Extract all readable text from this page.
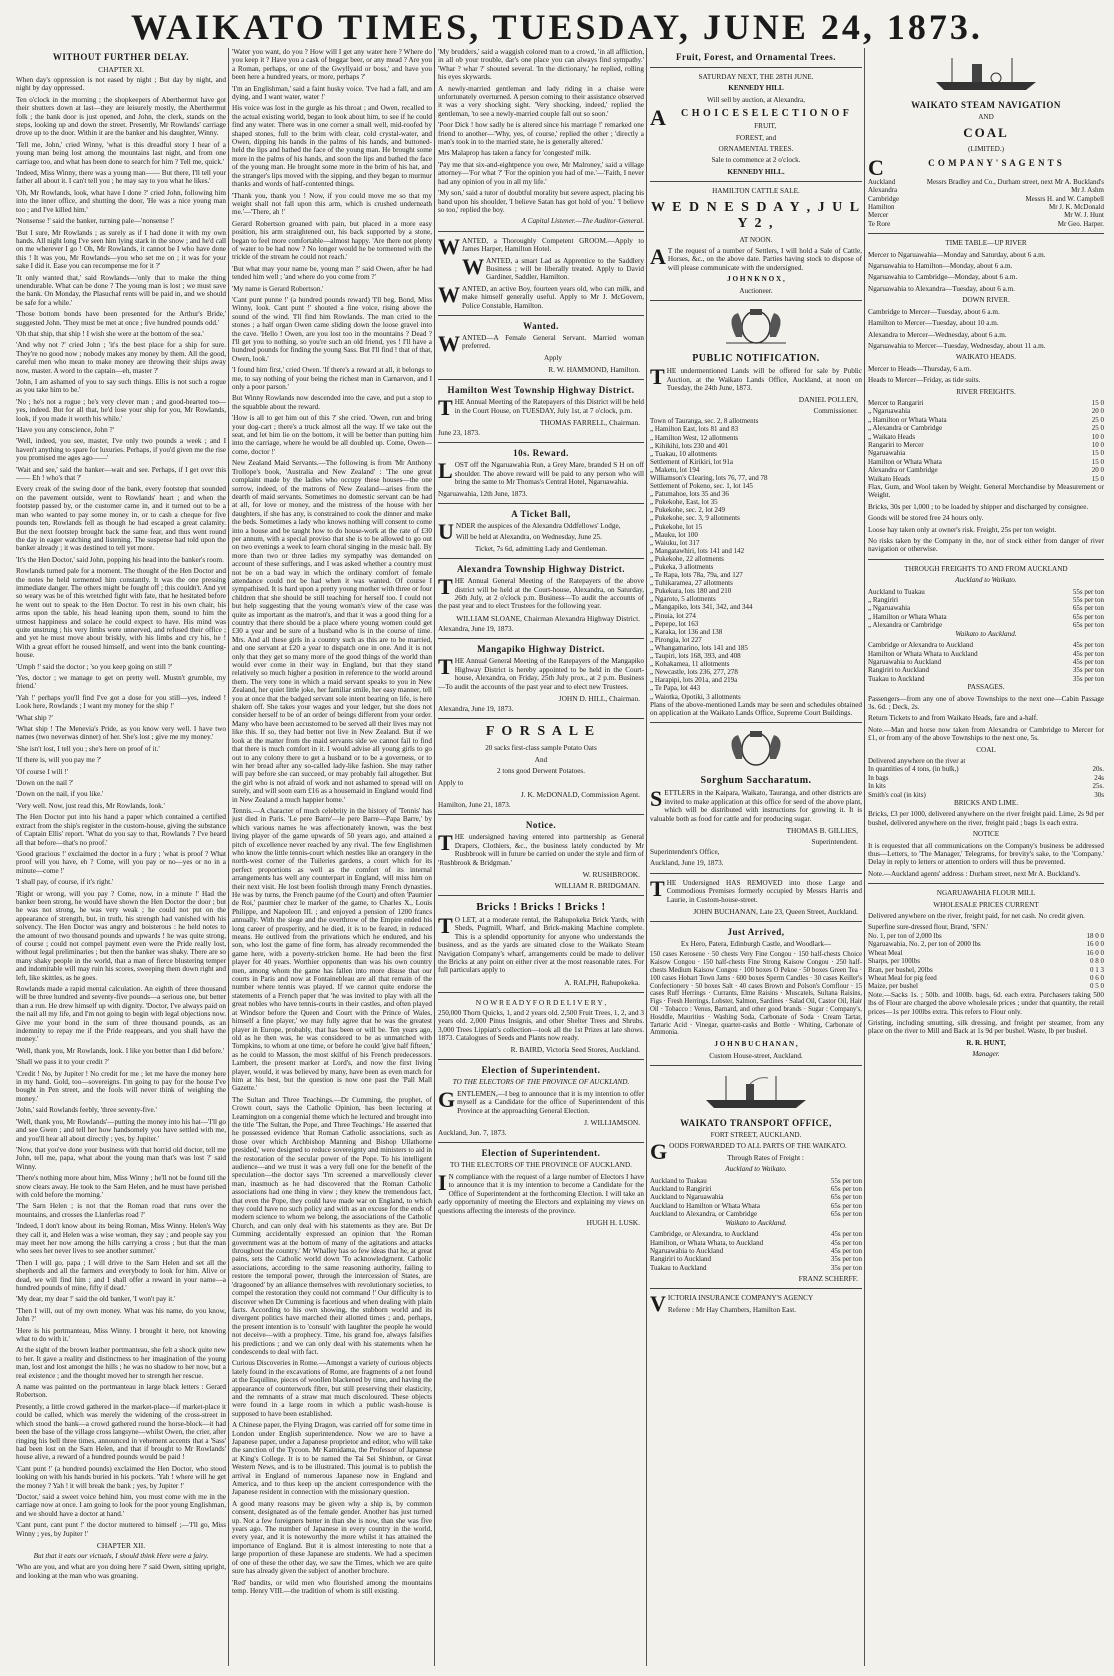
WAIKATO TIMES, TUESDAY, JUNE 24, 1873.
WITHOUT FURTHER DELAY.
CHAPTER XI.

When day's oppression is not eased by night ; But day by night, and night by day oppressed.

Ten o'clock in the morning ; the shopkeepers of Aberthermut have got their shutters down at last—they are leisurely mostly, the Aberthermut folk ; the bank door is just opened, and John, the clerk, stands on the steps, looking up and down the street. Presently, Mr Rowlands' carriage drove up to the door. Within it are the banker and his daughter, Winny.

'Tell me, John,' cried Winny, 'what is this dreadful story I hear of a young man being lost among the mountains last night, and from one carriage too, and what has been done to search for him ? Tell me, quick.'

'Indeed, Miss Winny, there was a young man—— But there, I'll tell your father all about it. I can't tell you ; he may say to you what he likes.'

'Oh, Mr Rowlands, look, what have I done ?' cried John, following him into the inner office, and shutting the door, 'He was a nice young man too ; and I've killed him.'

'Nonsense !' said the banker, turning pale—'nonsense !'

'But I sure, Mr Rowlands ; as surely as if I had done it with my own hands. All night long I've seen him lying stark in the snow ; and he'd call on me wherever I go ! Oh, Mr Rowlands, it cannot be I who have done this ! It was you, Mr Rowlands—you who set me on ; it was for your sake I did it. Ease you can recompense me for it ?'

'It only wanted that,' said Rowlands—'only that to make the thing unendurable. What can be done ? The young man is lost ; we must save the bank. On Monday, the Plasuchaf rents will be paid in, and we should be safe for a while.'

'Those bottom bonds have been presented for the Arthur's Bride,' suggested John. 'They must be met at once ; five hundred pounds odd.'

'Oh that ship, that ship ! I wish she were at the bottom of the sea.'

'And why not ?' cried John ; 'it's the best place for a ship for sure. They're no good now ; nobody makes any money by them. All the good, careful men who mean to make money are throwing their ships away now, master. A word to the captain—eh, master ?'

'John, I am ashamed of you to say such things. Ellis is not such a rogue as you take him to be.'

'No ; he's not a rogue ; he's very clever man ; and good-hearted too—yes, indeed. But for all that, he'd lose your ship for you, Mr Rowlands, look, if you made it worth his while.'

'Have you any conscience, John ?'

'Well, indeed, you see, master, I've only two pounds a week ; and I haven't anything to spare for luxuries. Perhaps, if you'd given me the rise you promised me ages ago——'

'Wait and see,' said the banker—wait and see. Perhaps, if I get over this—— Eh ! who's that ?'

Every creak of the swing door of the bank, every footstep that sounded on the pavement outside, went to Rowlands' heart ; and when the footstep passed by, or the customer came in, and it turned out to be a man who wanted to pay some money in, or to cash a cheque for five pounds ten, Rowlands fell as though he had escaped a great calamity. But the next footstep brought back the same fear, and thus went round the day in eager watching and listening. The suspense had told upon the banker already ; it was destined to tell yet more.

'It's the Hen Doctor,' said John, popping his head into the banker's room.

Rowlands turned pale for a moment. The thought of the Hen Doctor and the notes he held tormented him constantly. It was the one pressing immediate danger. The others might be fought off ; this couldn't. And yet so weary was he of this wretched fight with fate, that he hesitated before he went out to speak to the Hen Doctor. To rest in his own chair, his arms upon the table, his head leaning upon them, sound to him the utmost happiness and solace he could expect to have. His mind was quite unstrung ; his very limbs were unnerved, and refused their office ; and yet he must move about briskly, with his limbs and cry his, he ! With a great effort he roused himself, and went into the bank counting-house.

'Umph !' said the doctor ; 'so you keep going on still ?'

'Yes, doctor ; we manage to get on pretty well. Mustn't grumble, my friend.'

'Yah !' perhaps you'll find I've got a dose for you still—yes, indeed ! Look here, Rowlands ; I want my money for the ship !'

'What ship ?'

'What ship ! The Menevia's Pride, as you know very well. I have two names (two neverwas dinner) of her. She's lost ; give me my money.'

'She isn't lost, I tell you ; she's here on proof of it.'

'If there is, will you pay me ?'

'Of course I will !'

'Down on the nail ?'

'Down on the nail, if you like.'

'Very well. Now, just read this, Mr Rowlands, look.'

The Hen Doctor put into his hand a paper which contained a certified extract from the ship's register in the custom-house, giving the substance of Captain Ellis' report. 'What do you say to that, Rowlands ? I've heard all that before—that's no proof.'

'Good gracious !' exclaimed the doctor in a fury ; 'what is proof ? What proof will you have, eh ? Come, will you pay or no—yes or no in a minute—come !'

'I shall pay, of course, if it's right.'

'Right or wrong, will you pay ? Come, now, in a minute !' Had the banker been strong, he would have shown the Hen Doctor the door ; but he was not strong, he was very weak ; he could not put on the appearance of strength, but, in truth, his strength had vanished with his solvency. The Hen Doctor was angry and boisterous : he held notes to the amount of two thousand pounds and upwards ! he was quite strong, of course ; could not compel payment even were the Pride really lost, without legal preliminaries ; but then the banker was shaky. There are so many shaky people in the world, that a man of fierce blustering temper and indomitable will may ruin his scores, sweeping them down right and left, like skittles, as he goes.

Rowlands made a rapid mental calculation. An eighth of three thousand will be three hundred and seventy-five pounds—a serious one, but better than a run. He drew himself up with dignity. 'Doctor, I've always paid on the nail all my life, and I'm not going to begin with legal objections now. Give me your bond in the sum of three thousand pounds, as an indemnity to repay me if the Pride reappears, and you shall have the money.'

'Well, thank you, Mr Rowlands, look. I like you better than I did before.'

'Shall we pass it to your credit ?'

'Credit ! No, by Jupiter ! No credit for me ; let me have the money here in my hand. Gold, too—sovereigns. I'm going to pay for the house I've bought in Pen street, and the fools will never think of weighing the money.'

'John,' said Rowlands feebly, 'three seventy-five.'

'Well, thank you, Mr Rowlands'—putting the money into his hat—'I'll go and see Gwen ; and tell her how handsomely you have settled with me, and you'll hear all about directly ; yes, by Jupiter.'

'Now, that you've done your business with that horrid old doctor, tell me John, tell me, papa, what about the young man that's was lost ?' said Winny.

'There's nothing more about him, Miss Winny ; he'll not be found till the snow clears away. He took to the Sarn Helen, and he must have perished with cold before the morning.'

'The Sarn Helen ; is not that the Roman road that runs over the mountains, and crosses the Llanferlas road ?'

'Indeed, I don't know about its being Roman, Miss Winny. Helen's Way they call it, and Helen was a wise woman, they say ; and people say you may meet her now among the hills carrying a cross ; but that the man who sees her never lives to see another summer.'

'Then I will go, papa ; I will drive to the Sarn Helen and set all the shepherds and all the farmers and everybody to look for him. Alive or dead, we will find him ; and I shall offer a reward in your name—a hundred pounds of mine, fifty if dead.'

'My dear, my dear !' said the old banker, 'I won't pay it.'

'Then I will, out of my own money. What was his name, do you know, John ?'

'Here is his portmanteau, Miss Winny. I brought it here, not knowing what to do with it.'

At the sight of the brown leather portmanteau, she felt a shock quite new to her. It gave a reality and distinctness to her imagination of the young man, lost and lost amongst the hills ; he was no shadow to her now, but a real existence ; and the thought moved her to strength her rescue.

A name was painted on the portmanteau in large black letters : Gerard Robertson.

Presently, a little crowd gathered in the market-place—if market-place it could be called, which was merely the widening of the cross-street in which stood the bank—a crowd gathered round the horse-block—it had been the base of the village cross langsyne—whilst Owen, the crier, after ringing his bell three times, announced in vehement accents that a 'Sass' had been lost on the Sarn Helen, and that if brought to Mr Rowlands' house alive, a reward of a hundred pounds would be paid !

'Cant punt !' (a hundred pounds) exclaimed the Hen Doctor, who stood looking on with his hands buried in his pockets. 'Yah ! where will he get the money ? Yah ! it will break the bank ; yes, by Jupiter !'

'Doctor,' said a sweet voice behind him, you must come with me in the carriage now at once. I am going to look for the poor young Englishman, and we should have a doctor at hand.'

'Cant punt, cant punt !' the doctor muttered to himself ;—'I'll go, Miss Winny ; yes, by Jupiter !'

CHAPTER XII.

But that it eats our victuals, I should think Here were a fairy.

'Who are you, and what are you doing here ?' said Owen, sitting upright, and looking at the man who was groaning.

'Water you want, do you ? How will I get any water here ? Where do you keep it ? Have you a cask of beggar beer, or any mead ? Are you a Roman, perhaps, or one of the Gwyllyaid or boss,' and have you been here a hundred years, or more, perhaps ?'

'I'm an Englishman,' said a faint husky voice. 'I've had a fall, and am dying, and I want water, water !'

His voice was lost in the gurgle as his throat ; and Owen, recalled to the actual existing world, began to look about him, to see if he could find any water. There was in one corner a small well, mid-roofed by shaped stones, full to the brim with clear, cold crystal-water, and Owen, dipping his hands in the palms of his hands, and buttoned-held the lips and bathed the face of the young man. He brought some more in the palms of his hands, and soon the lips and bathed the face of the young man. He brought some more in the brim of his hat, and the stranger's lips moved with the sipping, and they began to murmur thanks and words of half-contented things.

'Thank you, thank you ! Now, if you could move me so that my weight shall not fall upon this arm, which is crushed underneath me.'—'There, ah !'

Gerard Robertson groaned with pain, but placed in a more easy position, his arm straightened out, his back supported by a stone, began to feel more comfortable—almost happy. 'Are there not plenty of water to be had now ? No longer would he be tormented with the trickle of the stream he could not reach.'

'But what may your name be, young man ?' said Owen, after he had tended him well ; 'and where do you come from ?'

'My name is Gerard Robertson.'

'Cant punt punne !' (a hundred pounds reward) 'I'll beg, Bond, Miss Winny, look. Cant punt !' shouted a fine voice, rising above the sound of the wind. 'I'll find him Rowlands. The man cried to the stones ; a half organ Owen came sliding down the loose gravel into the cave. 'Hello ! Owen, are you lost too in the mountains ? Dead ? I'll get you to nothing, so you're such an old friend, yes ! I'll have a hundred pounds for finding the young Sass. But I'll find ! that of that, Owen, look.'

'I found him first,' cried Owen. 'If there's a reward at all, it belongs to me, to say nothing of your being the richest man in Carnarvon, and I only a poor parson.'

But Winny Rowlands now descended into the cave, and put a stop to the squabble about the reward.

'How is all to get him out of this ?' she cried. 'Owen, run and bring your dog-cart ; there's a truck almost all the way. If we take out the seat, and let him lie on the bottom, it will be better than putting him into the carriage, where he would be all doubled up. Come, Owen—come, doctor !'

New Zealand Maid Servants.—The following is from 'Mr Anthony Trollope's book, 'Australia and New Zealand' : 'The one great complaint made by the ladies who occupy these houses—the one sorrow, indeed, of the matrons of New Zealand—arises from the dearth of maid servants. Sometimes no domestic servant can be had at all, for love or money, and the mistress of the house with her daughters, if she has any, is constrained to cook the dinner and make the beds. Sometimes a lady who knows nothing will consent to come into a house and be taught how to do house-work at the rate of £30 per annum, with a special proviso that she is to be allowed to go out on two evenings a week to learn choral singing in the music hall. By more than two or three ladies my sympathy was demanded on account of these sufferings, and I was asked whether a country must not be on a bad way in which the ordinary comfort of female attendance could not be had when it was wanted. Of course I sympathised. It is hard upon a pretty young mother with three or four children that she should be still teaching for herself too. I could not but help suggesting that the young woman's view of the case was quite as important as the matron's, and that it was a good thing for a country that there should be a place where young women could get £30 a year and be sure of a husband who is in the course of time. Mrs. And all these girls in a country such as this are to be married, and one servant at £20 a year to dispatch one in one. And it is not only that they get so many more of the good things of the world than would ever come in their way in England, but that they stand relatively so much higher a position in reference to the world around them. The very tone in which a maid servant speaks to you in New Zealand, her quiet little joke, her familiar smile, her easy manner, tell you at once that the badged servant sole intent bearing on life, is here shaken off. She takes your wages and your ledger, but she does not consider herself to be of an order of beings different from your order. Many who have been accustomed to be served all their lives may not like this. If so, they had better not live in New Zealand. But if we look at the matter from the maid servants side we cannot fail to find that there is much comfort in it. I would advise all young girls to go out to any colony there to get a husband or to be a governess, or to win her bread after any so-called lady-like fashion. She may rather will pay before she can succeed, or may probably fail altogether. But the girl who is not afraid of work and not ashamed to spread will on surely, and will soon earn £16 as a housemaid in England would find in New Zealand a much happier home.'

Tennis.—A character of much celebrity in the history of 'Tennis' has just died in Paris. 'Le pere Barre'—le pere Barre—Papa Barre,' by which various names he was affectionately known, was the best living player of the game upwards of 50 years ago, and attained a pitch of excellence never reached by any rival. The few Englishmen who know the little tennis-court which nestles like an orangery in the north-west corner of the Tuileries gardens, a court which for its perfect proportions as well as the comfort of its internal arrangements has well any counterpart in England, will miss him on their next visit. He lost been foolish through many French dynasties. He was by turns, the French paume (of the Court) and often 'Paumier de Roi,' paumier chez le marker of the game, to Charles X., Louis Philippe, and Napoleon III. ; and enjoyed a pension of 1200 francs annually. With the siege and the overthrow of the Empire ended his long career of prosperity, and he died, it is to be feared, in reduced means. He outlived from the privations which he endured, and his son, who lost the game of fine form, has already recommended the game here, with a poverty-stricken home. He had been the first player for 40 years. Worthier opponents than was his own country men, among whom the game has fallen into more disuse that our courts in Paris and now at Fontainebleau are all that remain of the number where tennis was played. If we cannot quite endorse the statements of a French paper that 'he was invited to play with all the great nobles who have tennis-courts in their castles, and often played at Windsor before the Queen and Court with the Prince of Wales, himself a fine player,' we may fully agree that he was the greatest player in Europe, probably, that has been or will be. Ten years ago, old as he then was, he was considered to be as unmatched with Tompkins, to whom at one time, or before he could 'give half fifteen,' as he could to Masson, the most skilful of his French predecessors. Lambert, the present marker at Lord's, and now the first living player, would, it was believed by many, have been as even match for him at his best, but the question is now one past the 'Pall Mall Gazette.'

The Sultan and Three Teachings.—Dr Cumming, the prophet, of Crown court, says the Catholic Opinion, has been lecturing at Leamington on a congenial theme which he lectured and brought into the title 'The Sultan, the Pope, and Three Teachings.' He asserted that he possessed evidence 'that Roman Catholic associations, such as those over which Archbishop Manning and Bishop Ullathorne presided,' were designed to reduce sovereignty and ministers to aid in the restoration of the secular power of the Pope. To his intelligent audience—and we trust it was a very full one for the benefit of the speculation—the doctor says 'I'm screened a marvellously clever man, inasmuch as he had discovered that the Roman Catholic associations had one thing in view ; they knew the tremendous fact, that even the Pope, they could have made war on England, to which they could have no such policy and with as an excuse for the ends of modern science to whom we belong, the associations of the Catholic Church, and can only deal with his statements as they are. But Dr Cumming accidentally expressed an opinion that 'the Roman government was at the bottom of many of the agitations and attacks throughout the country.' Mr Whalley has so few ideas that he, at great pains, sets the Catholic world down 'To acknowledgment. Catholic associations, according to the same reasoning authority, failing to restore the temporal power, through the intercession of States, are 'dragooned' by an alliance themselves with revolutionary societies, to compel the restoration they could not command !' Our difficulty is to discover when Dr Cumming is facetious and when dealing with plain facts. According to his own showing, the stubborn world and its divergent politics have marched their allotted times ; and, perhaps, the present intention is to 'consult' with laughter the people he would not deceive—with a prophecy. Time, his grand foe, always falsifies his predictions ; and we can only deal with his statements when he condescends to deal with fact.

Curious Discoveries in Rome.—Amongst a variety of curious objects lately found in the excavations of Rome, are fragments of a net found at the Esquiline, pieces of woollen blackened by time, and having the appearance of counterwork fibre, but still preserving their elasticity, and the remnants of a straw mat much discoloured. These objects were found in a large room in which a public wash-house is supposed to have been established.

A Chinese paper, the Flying Dragon, was carried off for some time in London under English superintendence. Now we are to have a Japanese paper, under a Japanese proprietor and editor, who will take the sanction of the Tycoon. Mr Kamidama, the Professor of Japanese at King's College. It is to be named the Tai Sei Shinbun, or Great Western News, and is to be illustrated. This journal is to publish the arrival in England of numerous Japanese now in England and America, and to thus keep up the ancient correspondence with the Japanese resident in connection with the missionary question.

A good many reasons may be given why a ship is, by common consent, designated as of the female gender. Another has just turned up. Not a few foreigners better in than she is now, than she was five years ago. The number of Japanese in every country in the world, every year, and it is noteworthy the more whilst it has attained the importance of England. But it is almost interesting to note that a large proportion of these Japanese are students. We had a specimen of one of these the other day, we saw the Times, which we are quite sure has already given the subject of another brochure.

'Red' bandits, or wild men who flourished among the mountains temp. Henry VIII.—the tradition of whom is still existing.

'My brudders,' said a waggish colored man to a crowd, 'in all affliction, in all ob your trouble, dar's one place you can always find sympathy.' 'Whar ? whar ?' shouted several. 'In the dictionary,' he replied, rolling his eyes skywards.

A newly-married gentleman and lady riding in a chaise were unfortunately overturned. A person coming to their assistance observed it was a very shocking sight. 'Very shocking, indeed,' replied the gentleman, 'to see a newly-married couple fall out so soon.'

'Poor Dick ! how sadly he is altered since his marriage !' remarked one friend to another—'Why, yes, of course,' replied the other ; 'directly a man's took in to the married state, he is generally altered.'

Mrs Malaprop has taken a fancy for 'congested' milk.

'Pay me that six-and-eightpence you owe, Mr Malroney,' said a village attorney—'For what ?' 'For the opinion you had of me.'—'Faith, I never had any opinion of you in all my life.'

'My son,' said a tutor of doubtful morality but severe aspect, placing his hand upon his shoulder, 'I believe Satan has got hold of you.' 'I believe so too,' replied the boy.

A Capital Listener.—The Auditor-General.

WANTED, a Thoroughly Competent GROOM.—Apply to James Harper, Hamilton Hotel.

WANTED, a smart Lad as Apprentice to the Saddlery Business ; will be liberally treated. Apply to David Gardiner, Saddler, Hamilton.

WANTED, an active Boy, fourteen years old, who can milk, and make himself generally useful. Apply to Mr J. McGovern, Police Constable, Hamilton.

Wanted.

WANTED—A Female General Servant. Married woman preferred.

Apply

R. W. HAMMOND, Hamilton.
Hamilton West Township Highway District.

THE Annual Meeting of the Ratepayers of this District will be held in the Court House, on TUESDAY, July 1st, at 7 o'clock, p.m.

THOMAS FARRELL, Chairman.

June 23, 1873.

10s. Reward.

LOST off the Ngaruawahia Run, a Grey Mare, branded S H on off shoulder. The above reward will be paid to any person who will bring the same to Mr Thomas's Central Hotel, Ngaruawahia.

Ngaruawahia, 12th June, 1873.

A Ticket Ball,

UNDER the auspices of the Alexandra Oddfellows' Lodge,

Will be held at Alexandra, on Wednesday, June 25.

Ticket, 7s 6d, admitting Lady and Gentleman.

Alexandra Township Highway District.

THE Annual General Meeting of the Ratepayers of the above district will be held at the Court-house, Alexandra, on Saturday, 26th July, at 2 o'clock p.m. Business—To audit the accounts of the past year and to elect Trustees for the following year.

WILLIAM SLOANE, Chairman Alexandra Highway District.

Alexandra, June 19, 1873.

Mangapiko Highway District.

THE Annual General Meeting of the Ratepayers of the Mangapiko Highway District is hereby appointed to be held in the Court-house, Alexandra, on Friday, 25th July prox., at 2 p.m. Business—To audit the accounts of the past year and to elect new Trustees.

JOHN D. HILL, Chairman.

Alexandra, June 19, 1873.

F O R S A L E

20 sacks first-class sample Potato Oats

And

2 tons good Derwent Potatoes.

Apply to

J. K. McDONALD, Commission Agent.

Hamilton, June 21, 1873.

Notice.

THE undersigned having entered into partnership as General Drapers, Clothiers, &c., the business lately conducted by Mr Rushbrook will in future be carried on under the style and firm of 'Rushbrook & Bridgman.'

W. RUSHBROOK.
WILLIAM R. BRIDGMAN.
Bricks ! Bricks ! Bricks !

T O LET, at a moderate rental, the Rahupokeka Brick Yards, with Sheds, Pugmill, Wharf, and Brick-making Machine complete. This is a splendid opportunity for anyone who understands the business, and as the yards are situated close to the Waikato Steam Navigation Company's wharf, arrangements could be made to deliver the Bricks at any point on either river at the most reasonable rates. For full particulars apply to

A. RALPH, Rahupokeka.
N O W R E A D Y F O R D E L I V E R Y ,

250,000 Thorn Quicks, 1, and 2 years old. 2,500 Fruit Trees, 1, 2, and 3 years old. 2,000 Pinus Insignis, and other Shelter Trees and Shrubs. 3,000 Trees Lippiatt's collection—took all the 1st Prizes at late shows. 1873. Catalogues of Seeds and Plants now ready.

R. BAIRD, Victoria Seed Stores, Auckland.
Election of Superintendent.

TO THE ELECTORS OF THE PROVINCE OF AUCKLAND.

GENTLEMEN,—I beg to announce that it is my intention to offer myself as a Candidate for the office of Superintendent of this Province at the approaching General Election.

J. WILLIAMSON.

Auckland, Jun. 7, 1873.

Election of Superintendent.

TO THE ELECTORS OF THE PROVINCE OF AUCKLAND.

I N compliance with the request of a large number of Electors I have to announce that it is my intention to become a Candidate for the Office of Superintendent at the forthcoming Election. I will take an early opportunity of meeting the Electors and explaining my views on questions affecting the interests of the province.

HUGH H. LUSK.
Fruit, Forest, and Ornamental Trees.

SATURDAY NEXT, THE 28TH JUNE.

KENNEDY HILL

Will sell by auction, at Alexandra,

A C H O I C E S E L E C T I O N O F

FRUIT,

FOREST, and

ORNAMENTAL TREES.

Sale to commence at 2 o'clock.

KENNEDY HILL.

HAMILTON CATTLE SALE.

W E D N E S D A Y , J U L Y 2 ,

AT NOON.

A T the request of a number of Settlers, I will hold a Sale of Cattle, Horses, &c., on the above date. Parties having stock to dispose of will please communicate with the undersigned.

J O H N K N O X ,

Auctioneer.

PUBLIC NOTIFICATION.

THE undermentioned Lands will be offered for sale by Public Auction, at the Waikato Lands Office, Auckland, at noon on Tuesday, the 24th June, 1873.

DANIEL POLLEN,
Commissioner.
Town of Tauranga, sec. 2, 8 allotments
„ Hamilton East, lots 81 and 83
„ Hamilton West, 12 allotments
„ Kihikihi, lots 230 and 401
„ Tuakau, 10 allotments
Settlement of Kirikiri, lot 91a
„ Maketu, lot 194
Williamson's Clearing, lots 76, 77, and 78
Settlement of Pokeno, sec. 1, lot 145
„ Patumahoe, lots 35 and 36
„ Pukekohe, East, lot 35
„ Pukekohe, sec. 2, lot 249
„ Pukekohe, sec. 3, 9 allotments
„ Pukekohe, lot 15
„ Mauku, lot 100
„ Waiuku, lot 317
„ Mangatawhiri, lots 141 and 142
„ Pukekohe, 22 allotments
„ Pukeka, 3 allotments
„ Te Rapa, lots 78a, 79a, and 127
„ Tuhikaramea, 27 allotments
„ Pukekura, lots 180 and 210
„ Ngaroto, 5 allotments
„ Mangapiko, lots 341, 342, and 344
„ Pinuia, lot 274
„ Pepepe, lot 163
„ Karaka, lot 136 and 138
„ Pirongia, lot 227
„ Whangamarino, lots 141 and 185
„ Taupiri, lots 168, 393, and 408
„ Kohakamea, 11 allotments
„ Newcastle, lots 236, 277, 278
„ Harapipi, lots 201a, and 219a
„ Te Papa, lot 443
„ Waiotka, Opotiki, 3 allotments

Plans of the above-mentioned Lands may be seen and schedules obtained on application at the Waikato Lands Office, Supreme Court Buildings.

Sorghum Saccharatum.

SETTLERS in the Kaipara, Waikato, Tauranga, and other districts are invited to make application at this office for seed of the above plant, which will be distributed with instructions for growing it. It is valuable both as food for cattle and for producing sugar.

THOMAS B. GILLIES,
Superintendent.

Superintendent's Office,

Auckland, June 19, 1873.

THE Undersigned HAS REMOVED into those Large and Commodious Premises formerly occupied by Messrs Harris and Laurie, in Custom-house-street.

JOHN BUCHANAN, Late 23, Queen Street, Auckland.
Just Arrived,

Ex Hero, Patera, Edinburgh Castle, and Woodlark—

150 cases Kerosene · 50 chests Very Fine Congou · 150 half-chests Choice Kaisow Congou · 150 half-chests Fine Strong Kaisow Congou · 250 half-chests Medium Kaisow Congou · 100 boxes O Pekoe · 50 boxes Green Tea · 100 cases Hobart Town Jams · 600 boxes Sperm Candles · 30 cases Keiller's Confectionery · 50 boxes Salt · 40 cases Brown and Polson's Cornflour · 15 cases Ruff Herrings · Currants, Elme Raisins · Muscatels, Sultana Raisins, Figs · Fresh Herrings, Lobster, Salmon, Sardines · Salad Oil, Castor Oil, Hair Oil · Tobacco : Venus, Barnard, and other good brands · Sugar : Company's, Hosddle, Mauritius · Washing Soda, Carbonate of Soda · Cream Tartar, Tartaric Acid · Vinegar, quarter-casks and Bottle · Whiting, Carbonate of Ammonia.

J O H N B U C H A N A N ,

Custom House-street, Auckland.

WAIKATO TRANSPORT OFFICE,

FORT STREET, AUCKLAND.

GOODS FORWARDED TO ALL PARTS OF THE WAIKATO.

Through Rates of Freight :

Auckland to Waikato.

Auckland to Tuakau	55s per ton
Auckland to Rangiriri	65s per ton
Auckland to Ngaruawahia	65s per ton
Auckland to Hamilton or Whata Whata	65s per ton
Auckland to Alexandra, or Cambridge	65s per ton

Waikato to Auckland.

Cambridge, or Alexandra, to Auckland	45s per ton
Hamilton, or Whata Whata, to Auckland	45s per ton
Ngaruawahia to Auckland	45s per ton
Rangiriri to Auckland	35s per ton
Tuakau to Auckland	35s per ton
FRANZ SCHERFF.

VICTORIA INSURANCE COMPANY'S AGENCY

Referee : Mr Hay Chambers, Hamilton East.

WAIKATO STEAM NAVIGATION

AND

COAL

(LIMITED.)

C	C O M P A N Y ' S A G E N T S
Auckland	Messrs Bradley and Co., Durham street, next Mr A. Buckland's
Alexandra	Mr J. Ashm
Cambridge	Messrs H. and W. Campbell
Hamilton	Mr J. K. McDonald
Mercer	Mr W. J. Hunt
Te Rore	Mr Geo. Harper.

TIME TABLE—UP RIVER

Mercer to Ngaruawahia—Monday and Saturday, about 6 a.m.

Ngaruawahia to Hamilton—Monday, about 6 a.m.

Ngaruawahia to Cambridge—Monday, about 6 a.m.

Ngaruawahia to Alexandra—Tuesday, about 6 a.m.

DOWN RIVER.

Cambridge to Mercer—Tuesday, about 6 a.m.

Hamilton to Mercer—Tuesday, about 10 a.m.

Alexandra to Mercer—Wednesday, about 6 a.m.

Ngaruawahia to Mercer—Tuesday, Wednesday, about 11 a.m.

WAIKATO HEADS.

Mercer to Heads—Thursday, 6 a.m.

Heads to Mercer—Friday, as tide suits.

RIVER FREIGHTS.

Mercer to Rangariri	15 0
„ Ngaruawahia	20 0
„ Hamilton or Whata Whata	25 0
„ Alexandra or Cambridge	25 0
„ Waikato Heads	10 0
Rangariri to Mercer	10 0
Ngaruawahia	15 0
Hamilton or Whata Whata	15 0
Alexandra or Cambridge	20 0
Waikato Heads	15 0

Flax, Gum, and Wool taken by Weight. General Merchandise by Measurement or Weight.

Bricks, 30s per 1,000 ; to be loaded by shipper and discharged by consignee.

Goods will be stored free 24 hours only.

Loose hay taken only at owner's risk. Freight, 25s per ton weight.

No risks taken by the Company in the, nor of stock either from danger of river navigation or otherwise.

THROUGH FREIGHTS TO AND FROM AUCKLAND

Auckland to Waikato.

Auckland to Tuakau	55s per ton
„ Rangiriri	55s per ton
„ Ngaruawahia	65s per ton
„ Hamilton or Whata Whata	65s per ton
„ Alexandra or Cambridge	65s per ton

Waikato to Auckland.

Cambridge or Alexandra to Auckland	45s per ton
Hamilton or Whata Whata to Auckland	45s per ton
Ngaruawahia to Auckland	45s per ton
Rangiriri to Auckland	35s per ton
Tuakau to Auckland	35s per ton

PASSAGES.

Passengers—from any one of above Townships to the next one—Cabin Passage 3s. 6d. ; Deck, 2s.

Return Tickets to and from Waikato Heads, fare and a-half.

Note.—Man and horse now taken from Alexandra or Cambridge to Mercer for £1, or from any of the above Townships to the next one, 5s.

COAL

Delivered anywhere on the river at	
In quantities of 4 tons, (in bulk,)	20s.
In bags	24s
In kits	25s.
Smith's coal (in kits)	30s

BRICKS AND LIME.

Bricks, £3 per 1000, delivered anywhere on the river freight paid. Lime, 2s 9d per bushel, delivered anywhere on the river, freight paid ; bags 1s each extra.

NOTICE

It is requested that all communications on the Company's business be addressed thus—Letters, to 'The Manager,' Telegrams, for brevity's sake, to the 'Company.' Delay in reply to letters or attention to orders will thus be prevented.

Note.—Auckland agents' address : Durham street, next Mr A. Buckland's.

NGARUAWAHIA FLOUR MILL

WHOLESALE PRICES CURRENT

Delivered anywhere on the river, freight paid, for net cash. No credit given.

Superfine sure-dressed flour, Brand, 'SFN.'	
No. 1, per ton of 2,000 lbs	18 0 0
Ngaruawahia, No. 2, per ton of 2000 lbs	16 0 0
Wheat Meal	16 0 0
Sharps, per 100lbs	0 8 0
Bran, per bushel, 20lbs	0 1 3
Wheat Meal for pig feed	0 6 0
Maize, per bushel	0 5 0

Note.—Sacks 1s. ; 50lb. and 100lb. bags, 6d. each extra. Purchasers taking 500 lbs of Flour are charged the above wholesale prices ; under that quantity, the retail prices—1s per 100lbs extra. This refers to Flour only.

Gristing, including smutting, silk dressing, and freight per steamer, from any place on the river to Mill and Back at 1s 9d per bushel. Waste, lb per bushel.

R. R. HUNT,

Manager.
